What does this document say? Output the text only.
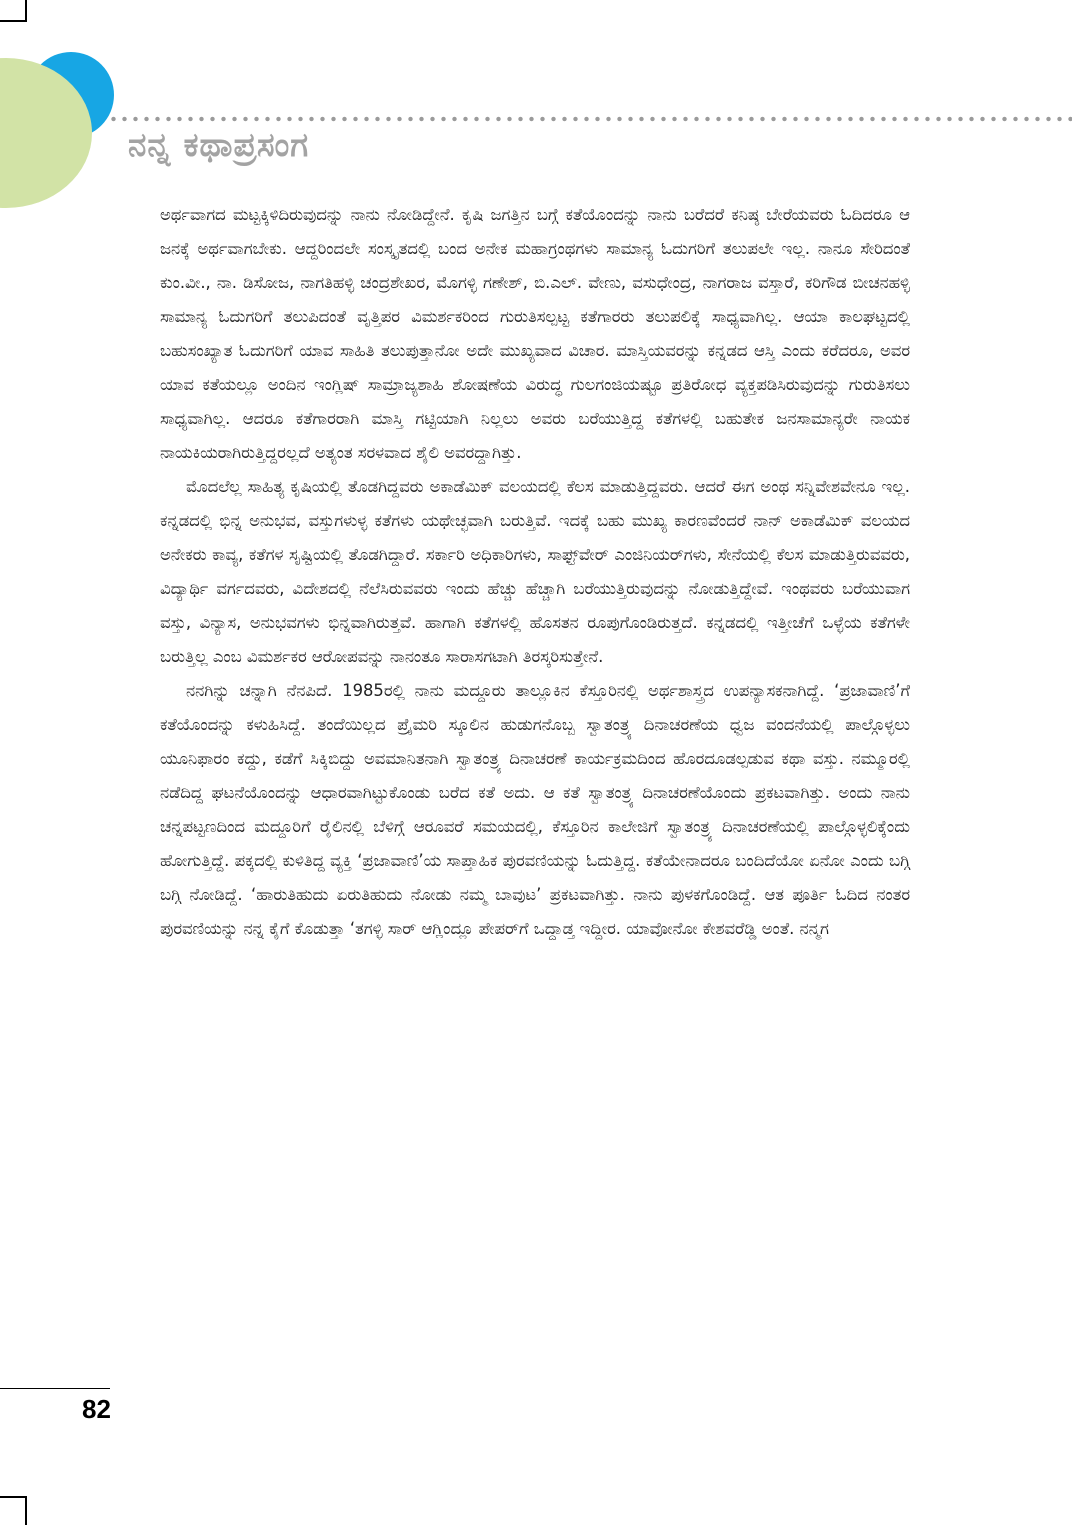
ನನ್ನ ಕಥಾಪ್ರಸಂಗ

ಅರ್ಥವಾಗದ ಮಟ್ಟಕ್ಕಿಳಿದಿರುವುದನ್ನು ನಾನು ನೋಡಿದ್ದೇನೆ. ಕೃಷಿ ಜಗತ್ತಿನ ಬಗ್ಗೆ ಕತೆಯೊಂದನ್ನು ನಾನು ಬರೆದರೆ ಕನಿಷ್ಠ ಬೇರೆಯವರು ಓದಿದರೂ ಆ ಜನಕ್ಕೆ ಅರ್ಥವಾಗಬೇಕು. ಆದ್ದರಿಂದಲೇ ಸಂಸ್ಕೃತದಲ್ಲಿ ಬಂದ ಅನೇಕ ಮಹಾಗ್ರಂಥಗಳು ಸಾಮಾನ್ಯ ಓದುಗರಿಗೆ ತಲುಪಲೇ ಇಲ್ಲ. ನಾನೂ ಸೇರಿದಂತೆ ಕುಂ.ವೀ., ನಾ. ಡಿಸೋಜ, ನಾಗತಿಹಳ್ಳಿ ಚಂದ್ರಶೇಖರ, ಮೊಗಳ್ಳಿ ಗಣೇಶ್, ಬಿ.ಎಲ್. ವೇಣು, ವಸುಧೇಂದ್ರ, ನಾಗರಾಜ ವಸ್ತಾರೆ, ಕರಿಗೌಡ ಬೀಚನಹಳ್ಳಿ ಸಾಮಾನ್ಯ ಓದುಗರಿಗೆ ತಲುಪಿದಂತೆ ವೃತ್ತಿಪರ ವಿಮರ್ಶಕರಿಂದ ಗುರುತಿಸಲ್ಪಟ್ಟ ಕತೆಗಾರರು ತಲುಪಲಿಕ್ಕೆ ಸಾಧ್ಯವಾಗಿಲ್ಲ. ಆಯಾ ಕಾಲಘಟ್ಟದಲ್ಲಿ ಬಹುಸಂಖ್ಯಾತ ಓದುಗರಿಗೆ ಯಾವ ಸಾಹಿತಿ ತಲುಪುತ್ತಾನೋ ಅದೇ ಮುಖ್ಯವಾದ ವಿಚಾರ. ಮಾಸ್ತಿಯವರನ್ನು ಕನ್ನಡದ ಆಸ್ತಿ ಎಂದು ಕರೆದರೂ, ಅವರ ಯಾವ ಕತೆಯಲ್ಲೂ ಅಂದಿನ ಇಂಗ್ಲಿಷ್ ಸಾಮ್ರಾಜ್ಯಶಾಹಿ ಶೋಷಣೆಯ ವಿರುದ್ಧ ಗುಲಗಂಜಿಯಷ್ಟೂ ಪ್ರತಿರೋಧ ವ್ಯಕ್ತಪಡಿಸಿರುವುದನ್ನು ಗುರುತಿಸಲು ಸಾಧ್ಯವಾಗಿಲ್ಲ. ಆದರೂ ಕತೆಗಾರರಾಗಿ ಮಾಸ್ತಿ ಗಟ್ಟಿಯಾಗಿ ನಿಲ್ಲಲು ಅವರು ಬರೆಯುತ್ತಿದ್ದ ಕತೆಗಳಲ್ಲಿ ಬಹುತೇಕ ಜನಸಾಮಾನ್ಯರೇ ನಾಯಕ ನಾಯಕಿಯರಾಗಿರುತ್ತಿದ್ದರಲ್ಲದೆ ಅತ್ಯಂತ ಸರಳವಾದ ಶೈಲಿ ಅವರದ್ದಾಗಿತ್ತು.

ಮೊದಲೆಲ್ಲ ಸಾಹಿತ್ಯ ಕೃಷಿಯಲ್ಲಿ ತೊಡಗಿದ್ದವರು ಅಕಾಡೆಮಿಕ್ ವಲಯದಲ್ಲಿ ಕೆಲಸ ಮಾಡುತ್ತಿದ್ದವರು. ಆದರೆ ಈಗ ಅಂಥ ಸನ್ನಿವೇಶವೇನೂ ಇಲ್ಲ. ಕನ್ನಡದಲ್ಲಿ ಭಿನ್ನ ಅನುಭವ, ವಸ್ತುಗಳುಳ್ಳ ಕತೆಗಳು ಯಥೇಚ್ಛವಾಗಿ ಬರುತ್ತಿವೆ. ಇದಕ್ಕೆ ಬಹು ಮುಖ್ಯ ಕಾರಣವೆಂದರೆ ನಾನ್ ಅಕಾಡೆಮಿಕ್ ವಲಯದ ಅನೇಕರು ಕಾವ್ಯ, ಕತೆಗಳ ಸೃಷ್ಟಿಯಲ್ಲಿ ತೊಡಗಿದ್ದಾರೆ. ಸರ್ಕಾರಿ ಅಧಿಕಾರಿಗಳು, ಸಾಫ್ಟ್‌ವೇರ್ ಎಂಜಿನಿಯರ್‌ಗಳು, ಸೇನೆಯಲ್ಲಿ ಕೆಲಸ ಮಾಡುತ್ತಿರುವವರು, ವಿದ್ಯಾರ್ಥಿ ವರ್ಗದವರು, ವಿದೇಶದಲ್ಲಿ ನೆಲೆಸಿರುವವರು ಇಂದು ಹೆಚ್ಚು ಹೆಚ್ಚಾಗಿ ಬರೆಯುತ್ತಿರುವುದನ್ನು ನೋಡುತ್ತಿದ್ದೇವೆ. ಇಂಥವರು ಬರೆಯುವಾಗ ವಸ್ತು, ವಿನ್ಯಾಸ, ಅನುಭವಗಳು ಭಿನ್ನವಾಗಿರುತ್ತವೆ. ಹಾಗಾಗಿ ಕತೆಗಳಲ್ಲಿ ಹೊಸತನ ರೂಪುಗೊಂಡಿರುತ್ತದೆ. ಕನ್ನಡದಲ್ಲಿ ಇತ್ತೀಚೆಗೆ ಒಳ್ಳೆಯ ಕತೆಗಳೇ ಬರುತ್ತಿಲ್ಲ ಎಂಬ ವಿಮರ್ಶಕರ ಆರೋಪವನ್ನು ನಾನಂತೂ ಸಾರಾಸಗಟಾಗಿ ತಿರಸ್ಕರಿಸುತ್ತೇನೆ.

ನನಗಿನ್ನು ಚನ್ನಾಗಿ ನೆನಪಿದೆ. 1985ರಲ್ಲಿ ನಾನು ಮದ್ದೂರು ತಾಲ್ಲೂಕಿನ ಕೆಸ್ತೂರಿನಲ್ಲಿ ಅರ್ಥಶಾಸ್ತ್ರದ ಉಪನ್ಯಾಸಕನಾಗಿದ್ದೆ. ‘ಪ್ರಜಾವಾಣಿ’ಗೆ ಕತೆಯೊಂದನ್ನು ಕಳುಹಿಸಿದ್ದೆ. ತಂದೆಯಿಲ್ಲದ ಪ್ರೈಮರಿ ಸ್ಕೂಲಿನ ಹುಡುಗನೊಬ್ಬ ಸ್ವಾತಂತ್ರ್ಯ ದಿನಾಚರಣೆಯ ಧ್ವಜ ವಂದನೆಯಲ್ಲಿ ಪಾಲ್ಗೊಳ್ಳಲು ಯೂನಿಫಾರಂ ಕದ್ದು, ಕಡೆಗೆ ಸಿಕ್ಕಿಬಿದ್ದು ಅವಮಾನಿತನಾಗಿ ಸ್ವಾತಂತ್ರ್ಯ ದಿನಾಚರಣೆ ಕಾರ್ಯಕ್ರಮದಿಂದ ಹೊರದೂಡಲ್ಪಡುವ ಕಥಾ ವಸ್ತು. ನಮ್ಮೂರಲ್ಲಿ ನಡೆದಿದ್ದ ಘಟನೆಯೊಂದನ್ನು ಆಧಾರವಾಗಿಟ್ಟುಕೊಂಡು ಬರೆದ ಕತೆ ಅದು. ಆ ಕತೆ ಸ್ವಾತಂತ್ರ್ಯ ದಿನಾಚರಣೆಯೊಂದು ಪ್ರಕಟವಾಗಿತ್ತು. ಅಂದು ನಾನು ಚನ್ನಪಟ್ಟಣದಿಂದ ಮದ್ದೂರಿಗೆ ರೈಲಿನಲ್ಲಿ ಬೆಳಿಗ್ಗೆ ಆರೂವರೆ ಸಮಯದಲ್ಲಿ, ಕೆಸ್ತೂರಿನ ಕಾಲೇಜಿಗೆ ಸ್ವಾತಂತ್ರ್ಯ ದಿನಾಚರಣೆಯಲ್ಲಿ ಪಾಲ್ಗೊಳ್ಳಲಿಕ್ಕೆಂದು ಹೋಗುತ್ತಿದ್ದೆ. ಪಕ್ಕದಲ್ಲಿ ಕುಳಿತಿದ್ದ ವ್ಯಕ್ತಿ ‘ಪ್ರಜಾವಾಣಿ’ಯ ಸಾಪ್ತಾಹಿಕ ಪುರವಣಿಯನ್ನು ಓದುತ್ತಿದ್ದ. ಕತೆಯೇನಾದರೂ ಬಂದಿದೆಯೋ ಏನೋ ಎಂದು ಬಗ್ಗಿ ಬಗ್ಗಿ ನೋಡಿದ್ದೆ. ‘ಹಾರುತಿಹುದು ಏರುತಿಹುದು ನೋಡು ನಮ್ಮ ಬಾವುಟ’ ಪ್ರಕಟವಾಗಿತ್ತು. ನಾನು ಪುಳಕಗೊಂಡಿದ್ದೆ. ಆತ ಪೂರ್ತಿ ಓದಿದ ನಂತರ ಪುರವಣಿಯನ್ನು ನನ್ನ ಕೈಗೆ ಕೊಡುತ್ತಾ ‘ತಗಳ್ಳಿ ಸಾರ್ ಆಗ್ಲಿಂದ್ಲೂ ಪೇಪರ್‌ಗೆ ಒದ್ದಾಡ್ತ ಇದ್ದೀರ. ಯಾವೋನೋ ಕೇಶವರೆಡ್ಡಿ ಅಂತೆ. ನನ್ಮಗ

82
